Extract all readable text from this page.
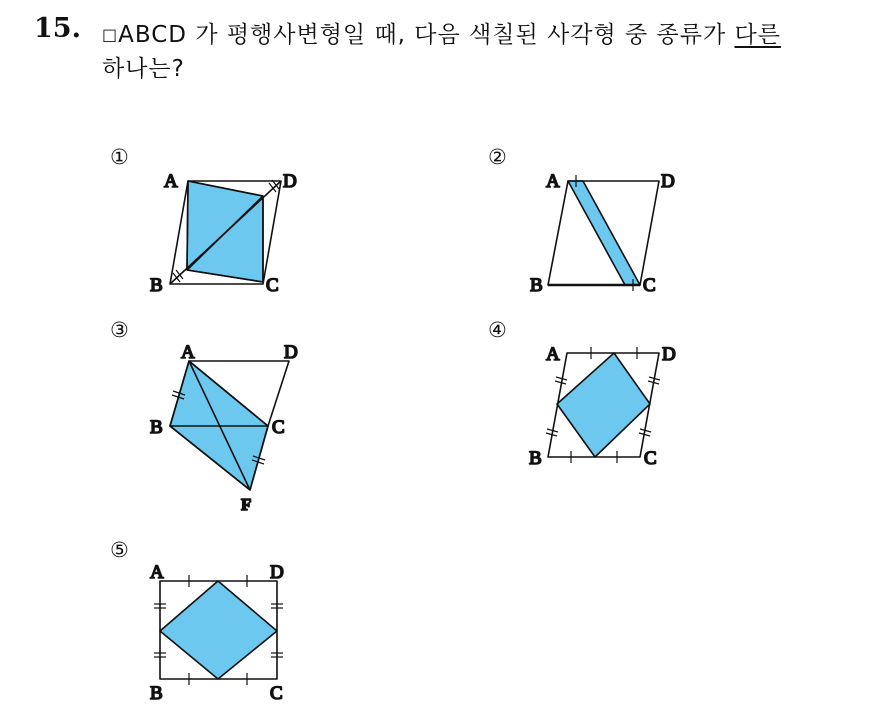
15. □ABCD 가 평행사변형일 때, 다음 색칠된 사각형 중 종류가 다른
하나는?
①	②
③	④
⑤
A	D
B	C
A	D
B	C
A	D
B	C
F
A	D
B	C
A	D
B	C
